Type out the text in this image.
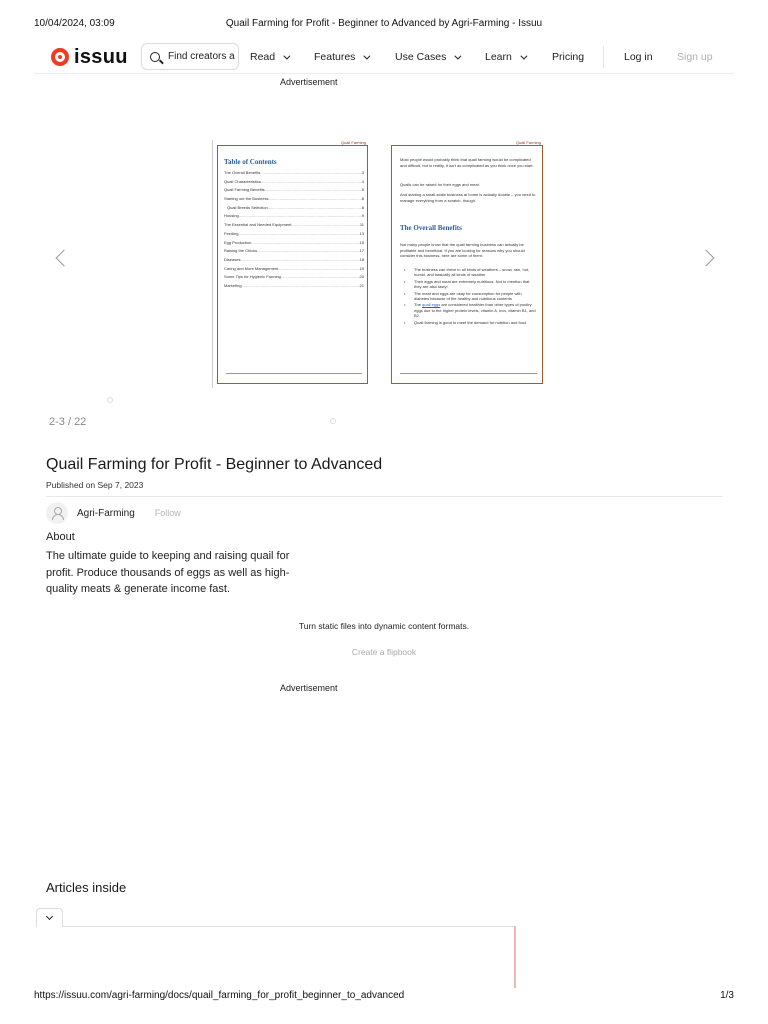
10/04/2024, 03:09	Quail Farming for Profit - Beginner to Advanced by Agri-Farming - Issuu
issuu	Find creators a Read	Features	Use Cases	Learn	Pricing	Log in Sign up
Advertisement
Quail Farming
Table of Contents
The Overall Benefits .....	3
Quail Characteristics .....	4
Quail Farming Benefits .....	5
Starting out the Business .....	8
Quail Breeds Selection .....	8
Housing .....	9
The Essential and Needed Equipment .....	11
Feeding .....	13
Egg Production .....	15
Raising the Chicks .....	17
Diseases .....	18
Caring and More Management .....	19
Some Tips for Hygienic Farming .....	20
Marketing .....	21
Quail Farming
Most people would probably think that quail farming would be complicated and difficult, but in reality, it isn't as complicated as you think once you start.
Quails can be raised for their eggs and meat.
And starting a small-scale business at home is actually doable – you need to manage everything from a scratch, though.
The Overall Benefits
Not many people know that the quail farming business can actually be profitable and beneficial. If you are looking for reasons why you should consider this business, here are some of them:
• The business can thrive in all kinds of weathers – snow, rain, hot, humid, and basically all kinds of weather
• Their eggs and meat are extremely nutritious. Not to mention that they are also tasty!
• The meat and eggs are okay for consumption for people with diabetes because of the healthy and nutritious contents
• The quail eggs are considered healthier than other types of poultry eggs due to the higher protein levels, vitamin A, iron, vitamin B1, and B2.
• Quail farming is good to meet the demand for nutrition and food
2-3 / 22
Quail Farming for Profit - Beginner to Advanced
Published on Sep 7, 2023
Agri-Farming Follow
About
The ultimate guide to keeping and raising quail for profit. Produce thousands of eggs as well as high-quality meats & generate income fast.
Turn static files into dynamic content formats.
Create a flipbook
Advertisement
Articles inside
https://issuu.com/agri-farming/docs/quail_farming_for_profit_beginner_to_advanced	1/3
